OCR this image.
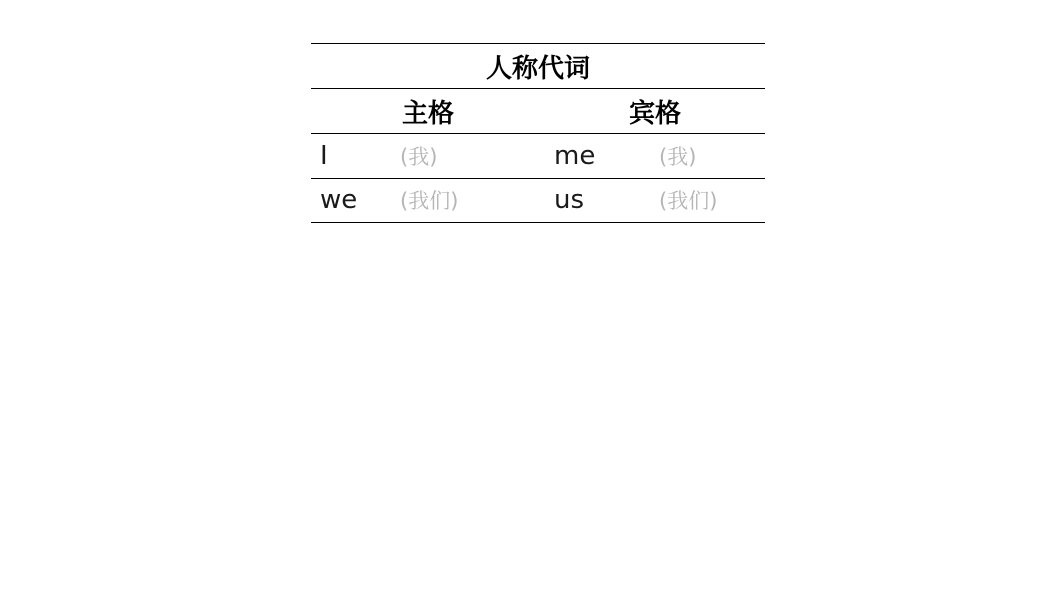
人称代词			
主格		宾格	
I	(我)	me	(我)
we	(我们)	us	(我们)
